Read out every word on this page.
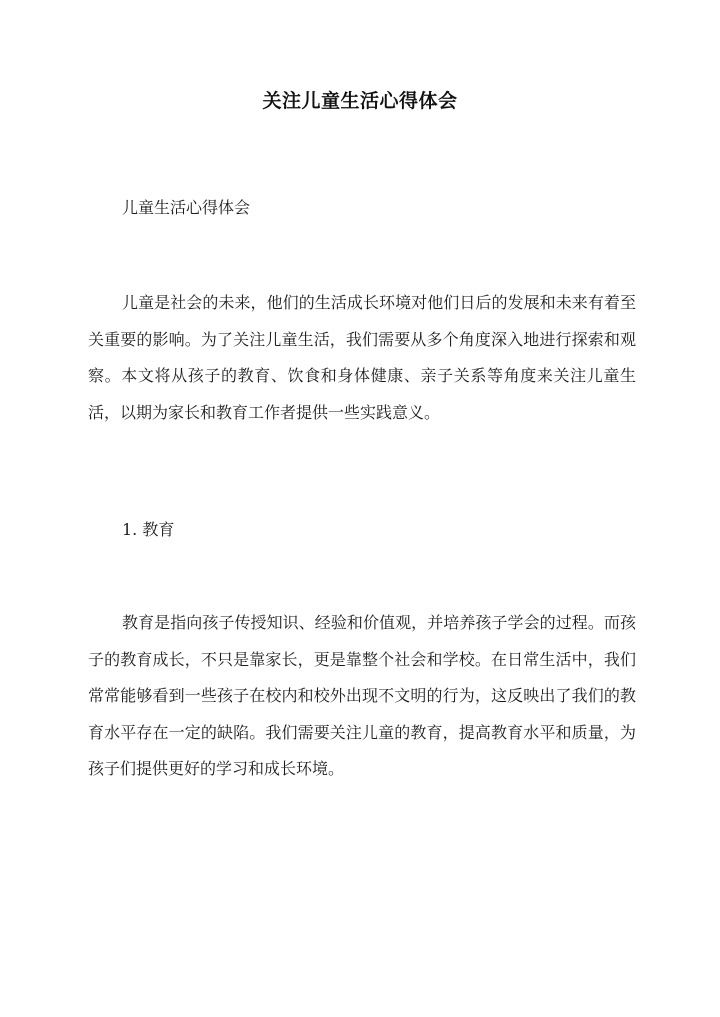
关注儿童生活心得体会
儿童生活心得体会
儿童是社会的未来，他们的生活成长环境对他们日后的发展和未来有着至关重要的影响。为了关注儿童生活，我们需要从多个角度深入地进行探索和观察。本文将从孩子的教育、饮食和身体健康、亲子关系等角度来关注儿童生活，以期为家长和教育工作者提供一些实践意义。
1. 教育
教育是指向孩子传授知识、经验和价值观，并培养孩子学会的过程。而孩子的教育成长，不只是靠家长，更是靠整个社会和学校。在日常生活中，我们常常能够看到一些孩子在校内和校外出现不文明的行为，这反映出了我们的教育水平存在一定的缺陷。我们需要关注儿童的教育，提高教育水平和质量，为孩子们提供更好的学习和成长环境。
